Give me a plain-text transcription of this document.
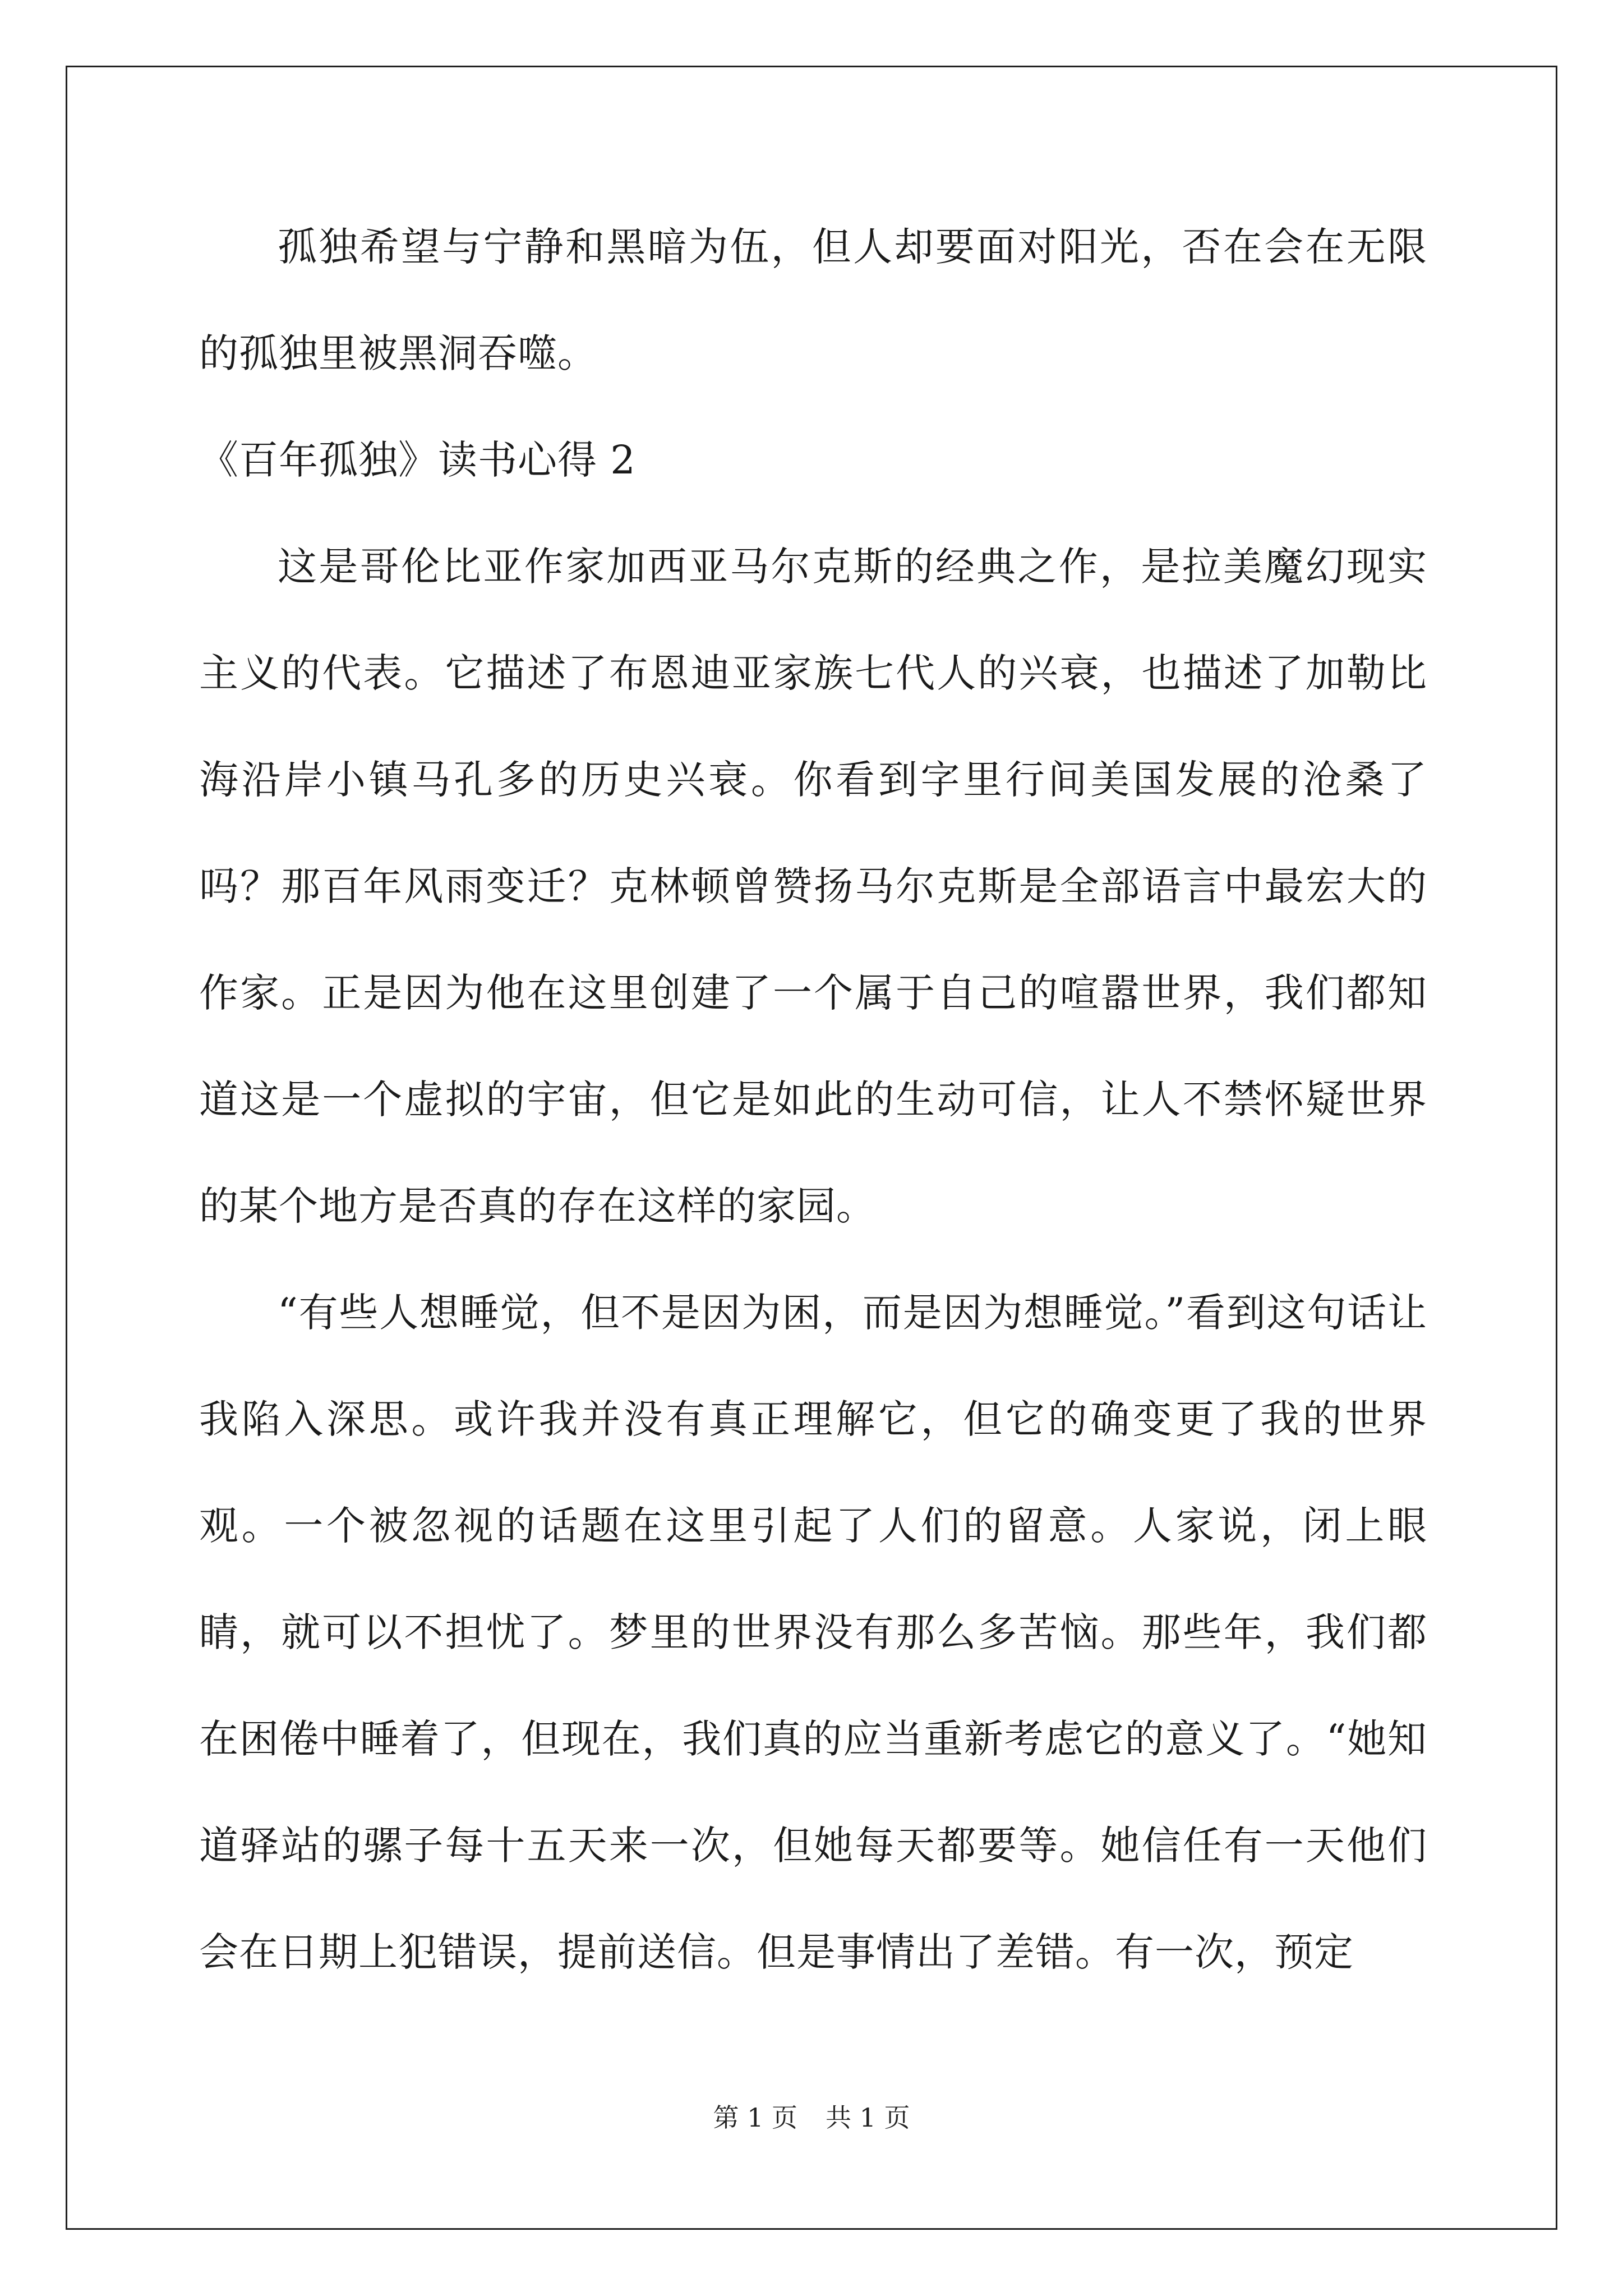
孤独希望与宁静和黑暗为伍，但人却要面对阳光，否在会在无限的孤独里被黑洞吞噬。

《百年孤独》读书心得 2

这是哥伦比亚作家加西亚马尔克斯的经典之作，是拉美魔幻现实主义的代表。它描述了布恩迪亚家族七代人的兴衰，也描述了加勒比海沿岸小镇马孔多的历史兴衰。你看到字里行间美国发展的沧桑了吗？那百年风雨变迁？克林顿曾赞扬马尔克斯是全部语言中最宏大的作家。正是因为他在这里创建了一个属于自己的喧嚣世界，我们都知道这是一个虚拟的宇宙，但它是如此的生动可信，让人不禁怀疑世界的某个地方是否真的存在这样的家园。

“有些人想睡觉，但不是因为困，而是因为想睡觉。”看到这句话让我陷入深思。或许我并没有真正理解它，但它的确变更了我的世界观。一个被忽视的话题在这里引起了人们的留意。人家说，闭上眼睛，就可以不担忧了。梦里的世界没有那么多苦恼。那些年，我们都在困倦中睡着了，但现在，我们真的应当重新考虑它的意义了。“她知道驿站的骡子每十五天来一次，但她每天都要等。她信任有一天他们会在日期上犯错误，提前送信。但是事情出了差错。有一次，预定

第 1 页 共 1 页
